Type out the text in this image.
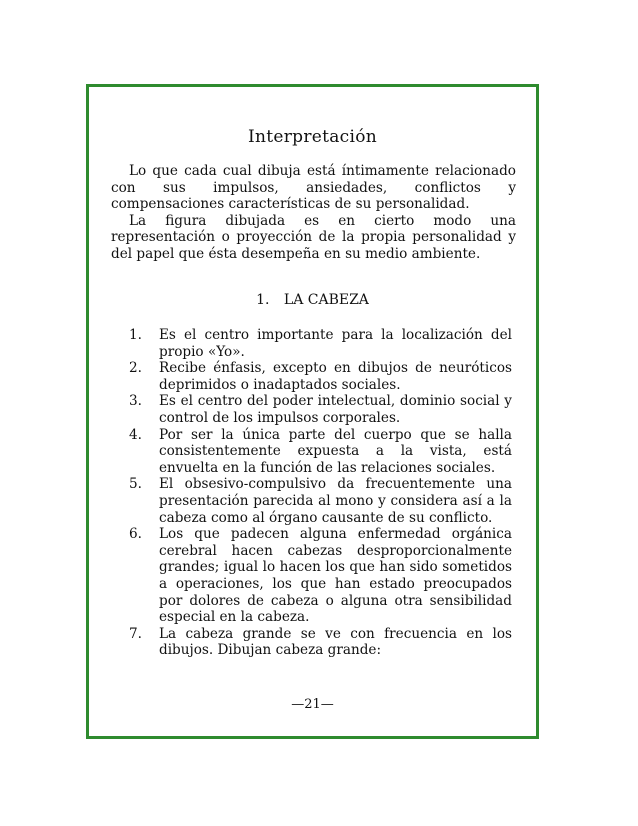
Interpretación

Lo que cada cual dibuja está íntimamente relacionado con sus impulsos, ansiedades, conflictos y compensaciones características de su personalidad.

La figura dibujada es en cierto modo una representación o proyección de la propia personalidad y del papel que ésta desempeña en su medio ambiente.

1. LA CABEZA
1.	Es el centro importante para la localización del propio «Yo».
2.	Recibe énfasis, excepto en dibujos de neuróticos deprimidos o inadaptados sociales.
3.	Es el centro del poder intelectual, dominio social y control de los impulsos corporales.
4.	Por ser la única parte del cuerpo que se halla consistentemente expuesta a la vista, está envuelta en la función de las relaciones sociales.
5.	El obsesivo-compulsivo da frecuentemente una presentación parecida al mono y considera así a la cabeza como al órgano causante de su conflicto.
6.	Los que padecen alguna enfermedad orgánica cerebral hacen cabezas desproporcionalmente grandes; igual lo hacen los que han sido sometidos a operaciones, los que han estado preocupados por dolores de cabeza o alguna otra sensibilidad especial en la cabeza.
7.	La cabeza grande se ve con frecuencia en los dibujos. Dibujan cabeza grande:
—21—
